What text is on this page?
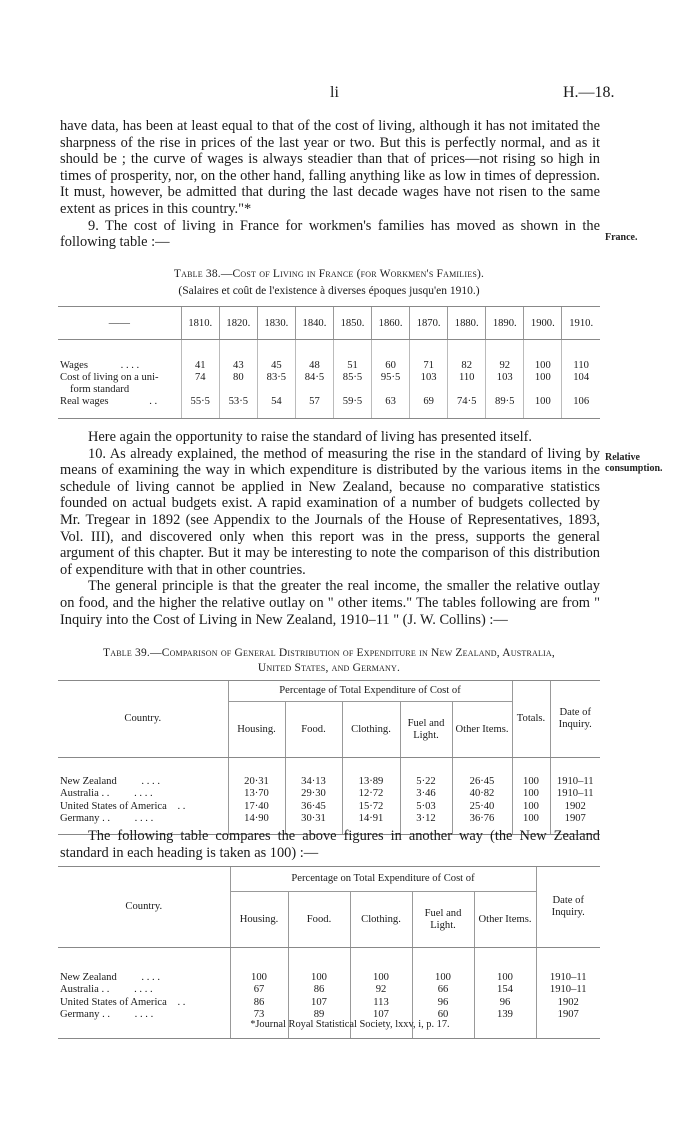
li	H.—18.

have data, has been at least equal to that of the cost of living, although it has not imitated the sharpness of the rise in prices of the last year or two. But this is perfectly normal, and as it should be ; the curve of wages is always steadier than that of prices—not rising so high in times of prosperity, nor, on the other hand, falling anything like as low in times of depression. It must, however, be admitted that during the last decade wages have not risen to the same extent as prices in this country."*

9. The cost of living in France for workmen's families has moved as shown in the following table :—	France.
Table 38.—Cost of Living in France (for Workmen's Families).
(Salaires et coût de l'existence à diverses époques jusqu'en 1910.)
——	1810.	1820.	1830.	1840.	1850.	1860.	1870.	1880.	1890.	1900.	1910.
Wages . . . .	41	43	45	48	51	60	71	82	92	100	110
Cost of living on a uni-
form standard	74	80	83·5	84·5	85·5	95·5	103	110	103	100	104
Real wages . .	55·5	53·5	54	57	59·5	63	69	74·5	89·5	100	106

Here again the opportunity to raise the standard of living has presented itself.

10. As already explained, the method of measuring the rise in the standard of living by means of examining the way in which expenditure is distributed by the various items in the schedule of living cannot be applied in New Zealand, because no comparative statistics founded on actual budgets exist. A rapid examination of a number of budgets collected by Mr. Tregear in 1892 (see Appendix to the Journals of the House of Representatives, 1893, Vol. III), and discovered only when this report was in the press, supports the general argument of this chapter. But it may be interesting to note the comparison of this distribution of expenditure with that in other countries.

The general principle is that the greater the real income, the smaller the relative outlay on food, and the higher the relative outlay on " other items." The tables following are from " Inquiry into the Cost of Living in New Zealand, 1910–11 " (J. W. Collins) :—

Relative
consumption.
Table 39.—Comparison of General Distribution of Expenditure in New Zealand, Australia,
United States, and Germany.
Country.	Percentage of Total Expenditure of Cost of					Totals.	Date of Inquiry.
	Housing.	Food.	Clothing.	Fuel and Light.	Other Items.		
New Zealand . . . .	20·31	34·13	13·89	5·22	26·45	100	1910–11
Australia . . . . . .	13·70	29·30	12·72	3·46	40·82	100	1910–11
United States of America . .	17·40	36·45	15·72	5·03	25·40	100	1902
Germany . . . . . .	14·90	30·31	14·91	3·12	36·76	100	1907

The following table compares the above figures in another way (the New Zealand standard in each heading is taken as 100) :—

Country.	Percentage on Total Expenditure of Cost of					Date of Inquiry.
	Housing.	Food.	Clothing.	Fuel and Light.	Other Items.	
New Zealand . . . .	100	100	100	100	100	1910–11
Australia . . . . . .	67	86	92	66	154	1910–11
United States of America . .	86	107	113	96	96	1902
Germany . . . . . .	73	89	107	60	139	1907
*Journal Royal Statistical Society, lxxv, i, p. 17.
